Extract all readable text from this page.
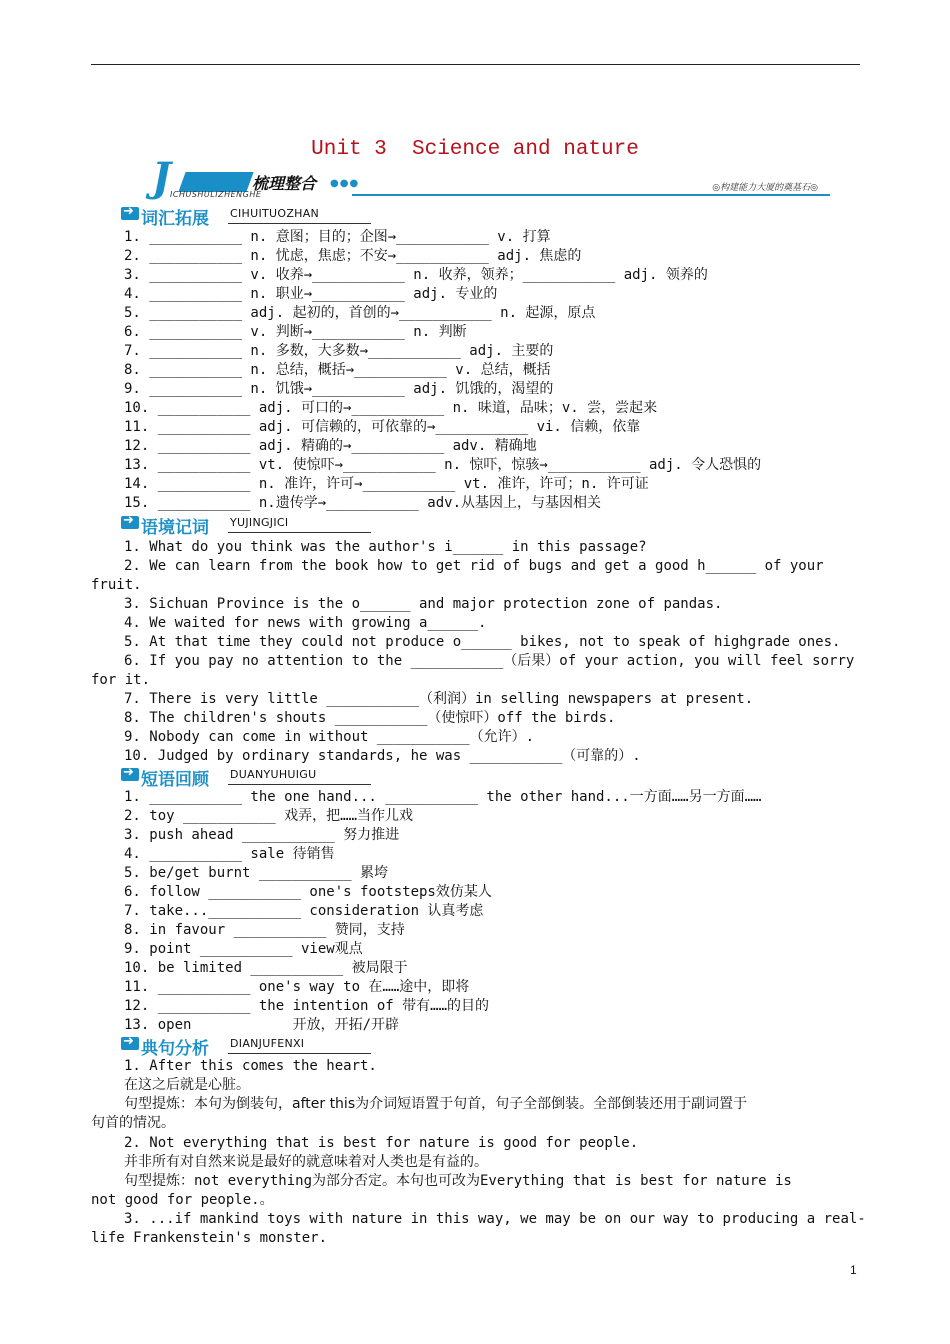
Unit 3  Science and nature
J	梳理整合 ●●●
ICHUSHULIZHENGHE
◎构建能力大厦的奠基石◎
➜
词汇拓展 CIHUITUOZHAN
1. ___________ n. 意图；目的；企图→___________ v. 打算
2. ___________ n. 忧虑，焦虑；不安→___________ adj. 焦虑的
3. ___________ v. 收养→___________ n. 收养，领养；___________ adj. 领养的
4. ___________ n. 职业→___________ adj. 专业的
5. ___________ adj. 起初的，首创的→___________ n. 起源，原点
6. ___________ v. 判断→___________ n. 判断
7. ___________ n. 多数，大多数→___________ adj. 主要的
8. ___________ n. 总结，概括→___________ v. 总结，概括
9. ___________ n. 饥饿→___________ adj. 饥饿的，渴望的
10. ___________ adj. 可口的→___________ n. 味道，品味；v. 尝，尝起来
11. ___________ adj. 可信赖的，可依靠的→___________ vi. 信赖，依靠
12. ___________ adj. 精确的→___________ adv. 精确地
13. ___________ vt. 使惊吓→___________ n. 惊吓，惊骇→___________ adj. 令人恐惧的
14. ___________ n. 准许，许可→___________ vt. 准许，许可；n. 许可证
15. ___________ n.遗传学→___________ adv.从基因上，与基因相关
➜
语境记词 YUJINGJICI
1. What do you think was the author's i______ in this passage?
2. We can learn from the book how to get rid of bugs and get a good h______ of your
fruit.
3. Sichuan Province is the o______ and major protection zone of pandas.
4. We waited for news with growing a______.
5. At that time they could not produce o______ bikes, not to speak of highgrade ones.
6. If you pay no attention to the ___________（后果）of your action, you will feel sorry
for it.
7. There is very little ___________（利润）in selling newspapers at present.
8. The children's shouts ___________（使惊吓）off the birds.
9. Nobody can come in without ___________（允许）.
10. Judged by ordinary standards, he was ___________（可靠的）.
➜
短语回顾 DUANYUHUIGU
1. ___________ the one hand... ___________ the other hand...一方面……另一方面……
2. toy ___________ 戏弄，把……当作儿戏
3. push ahead ___________ 努力推进
4. ___________ sale 待销售
5. be/get burnt ___________ 累垮
6. follow ___________ one's footsteps效仿某人
7. take...___________ consideration 认真考虑
8. in favour ___________ 赞同，支持
9. point ___________ view观点
10. be limited ___________ 被局限于
11. ___________ one's way to 在……途中，即将
12. ___________ the intention of 带有……的目的
13. open            开放，开拓/开辟
➜
典句分析 DIANJUFENXI
1. After this comes the heart.
在这之后就是心脏。
句型提炼：本句为倒装句，after this为介词短语置于句首，句子全部倒装。全部倒装还用于副词置于
句首的情况。
2. Not everything that is best for nature is good for people.
并非所有对自然来说是最好的就意味着对人类也是有益的。
句型提炼：not everything为部分否定。本句也可改为Everything that is best for nature is
not good for people.。
3. ...if mankind toys with nature in this way, we may be on our way to producing a real-
life Frankenstein's monster.
1
